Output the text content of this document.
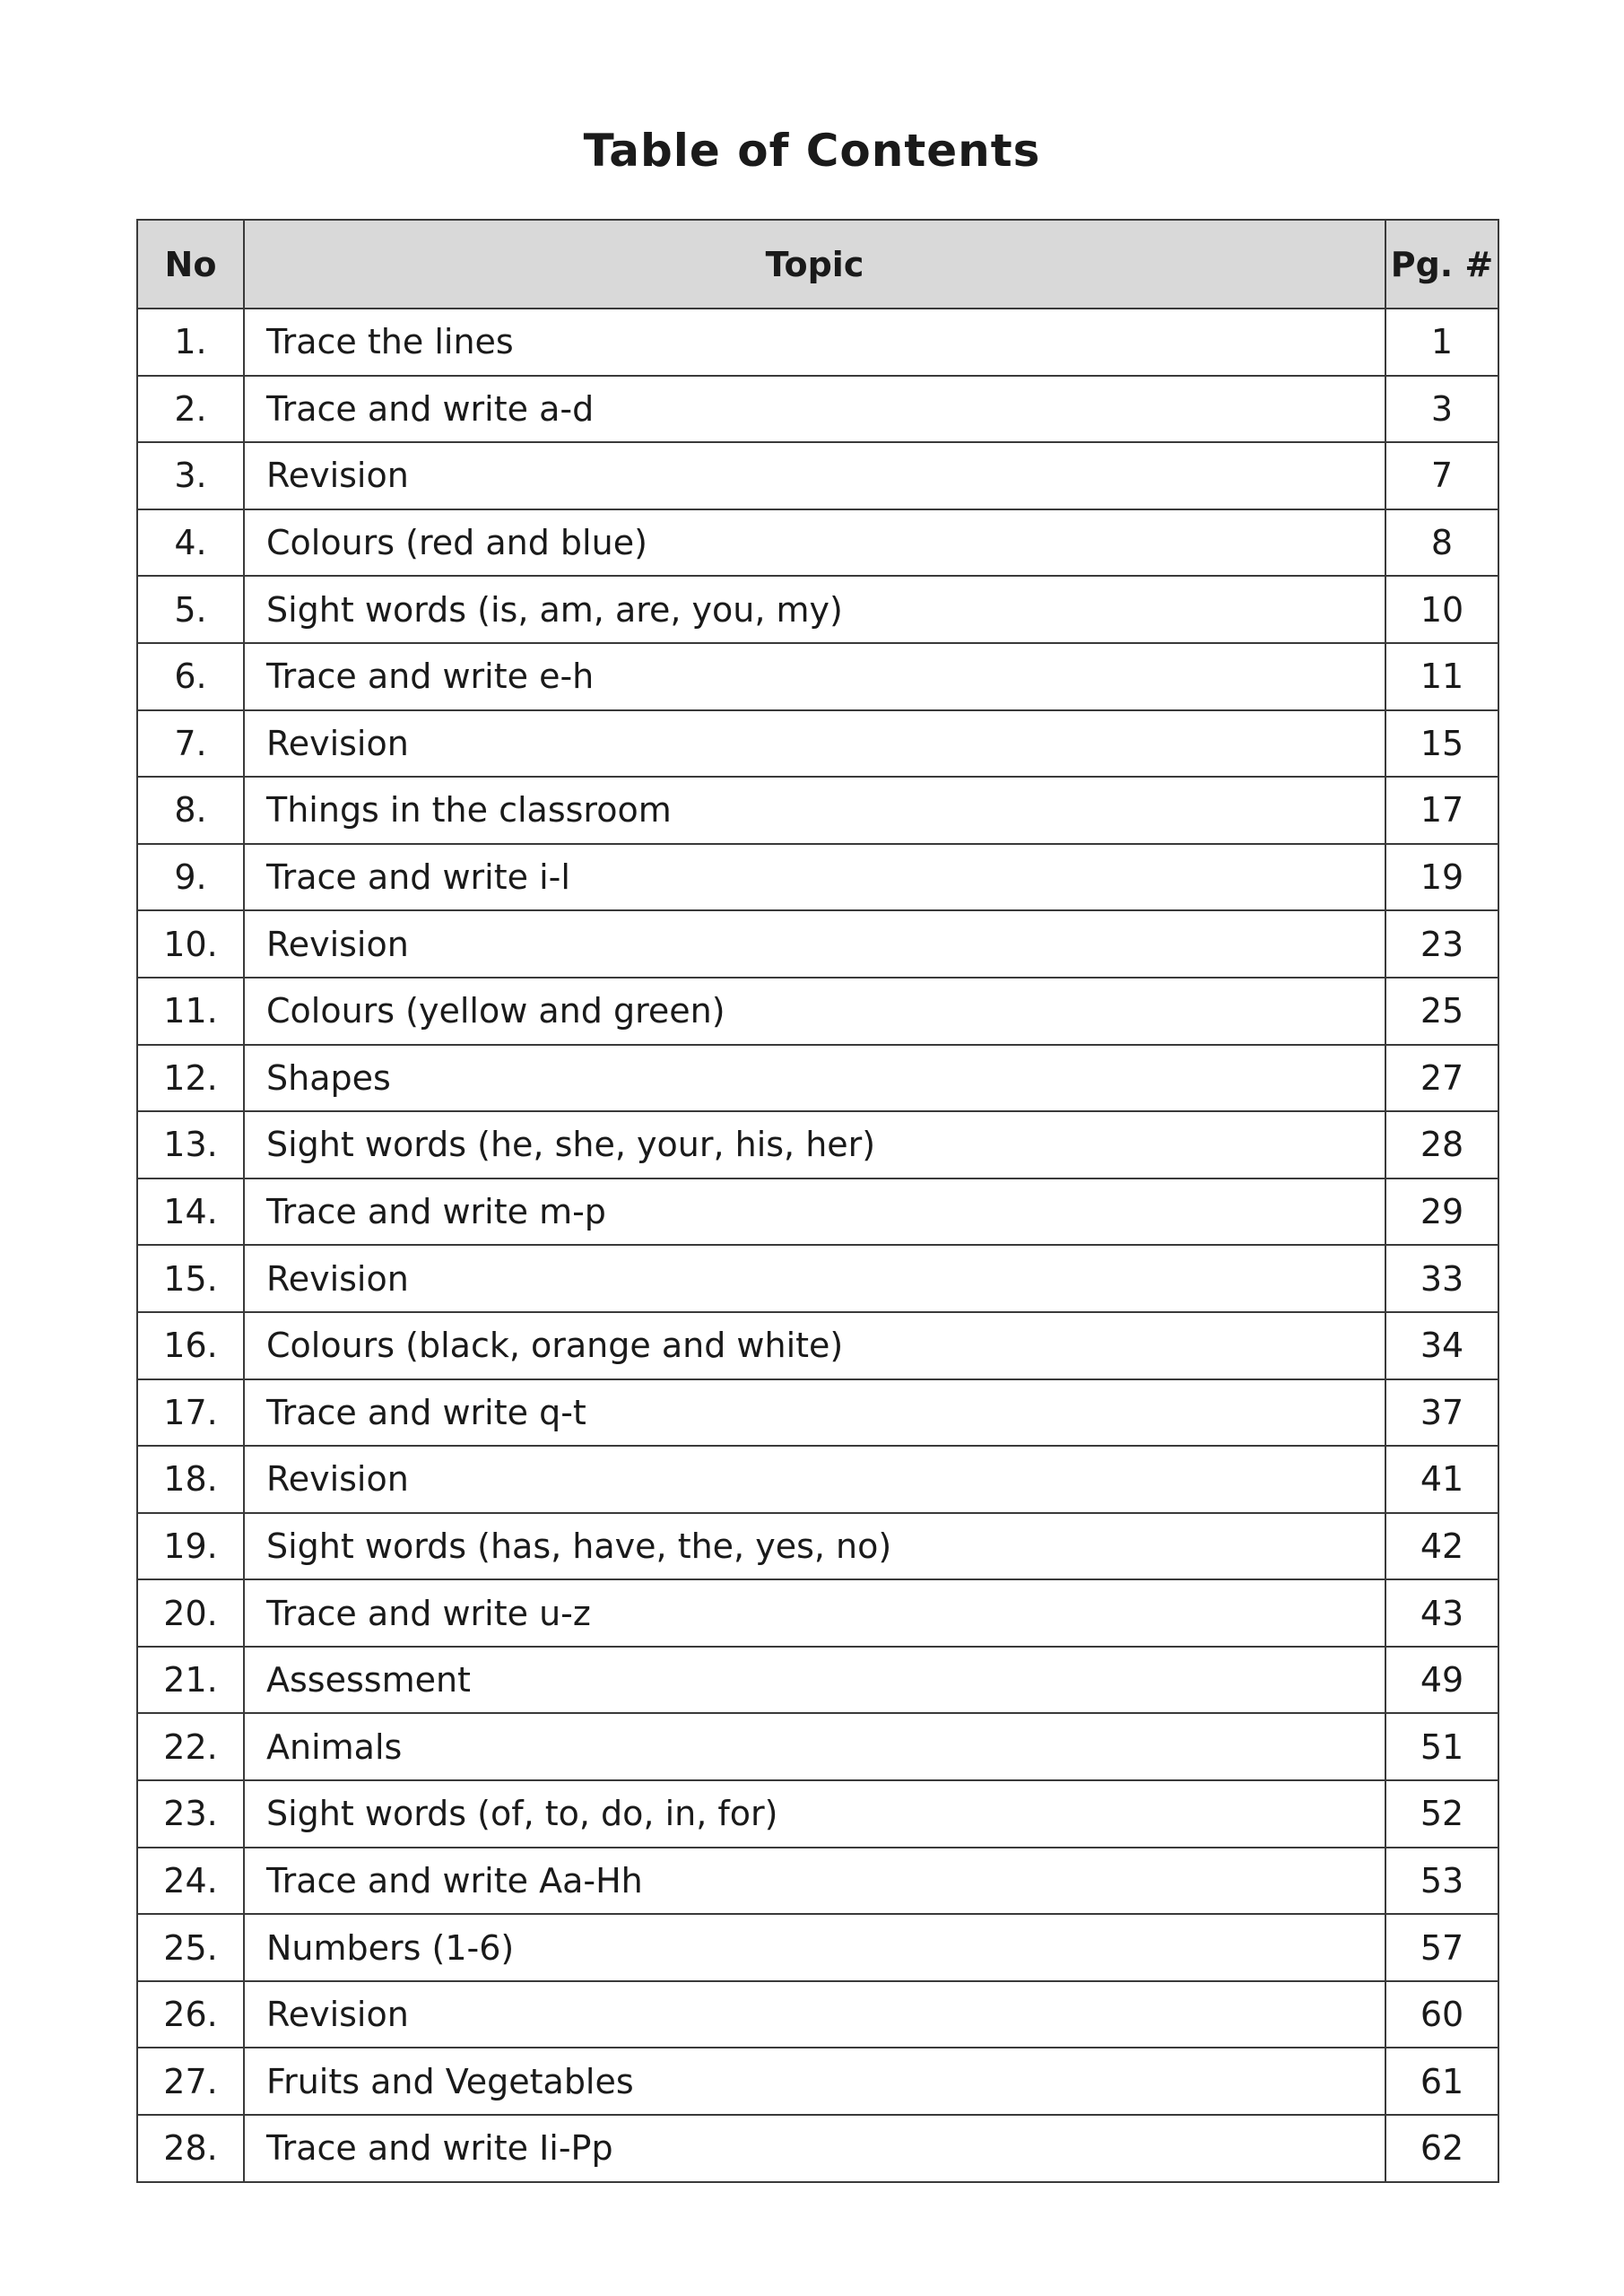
Table of Contents
No	Topic	Pg. #
1.	Trace the lines	1
2.	Trace and write a-d	3
3.	Revision	7
4.	Colours (red and blue)	8
5.	Sight words (is, am, are, you, my)	10
6.	Trace and write e-h	11
7.	Revision	15
8.	Things in the classroom	17
9.	Trace and write i-l	19
10.	Revision	23
11.	Colours (yellow and green)	25
12.	Shapes	27
13.	Sight words (he, she, your, his, her)	28
14.	Trace and write m-p	29
15.	Revision	33
16.	Colours (black, orange and white)	34
17.	Trace and write q-t	37
18.	Revision	41
19.	Sight words (has, have, the, yes, no)	42
20.	Trace and write u-z	43
21.	Assessment	49
22.	Animals	51
23.	Sight words (of, to, do, in, for)	52
24.	Trace and write Aa-Hh	53
25.	Numbers (1-6)	57
26.	Revision	60
27.	Fruits and Vegetables	61
28.	Trace and write Ii-Pp	62
